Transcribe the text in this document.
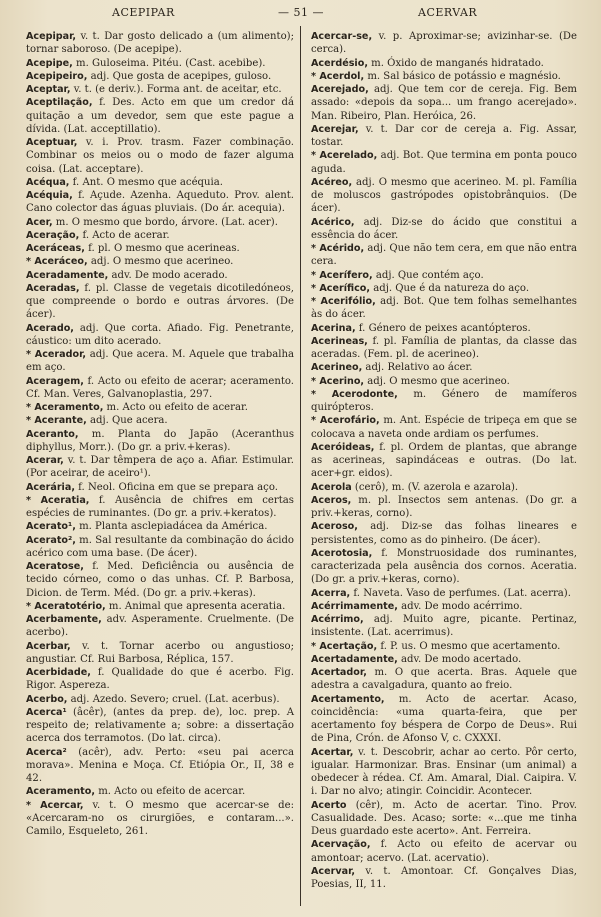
ACEPIPAR	— 51 —	ACERVAR

Acepipar, v. t. Dar gosto delicado a (um alimento); tornar saboroso. (De acepipe).

Acepipe, m. Guloseima. Pitéu. (Cast. acebibe).

Acepipeiro, adj. Que gosta de acepipes, guloso.

Aceptar, v. t. (e deriv.). Forma ant. de aceitar, etc.

Aceptilação, f. Des. Acto em que um credor dá quitação a um devedor, sem que este pague a dívida. (Lat. acceptillatio).

Aceptuar, v. i. Prov. trasm. Fazer combinação. Combinar os meios ou o modo de fazer alguma coisa. (Lat. acceptare).

Acéqua, f. Ant. O mesmo que acéquia.

Acéquia, f. Açude. Azenha. Aqueduto. Prov. alent. Cano colector das águas pluviais. (Do ár. acequia).

Acer, m. O mesmo que bordo, árvore. (Lat. acer).

Aceração, f. Acto de acerar.

Aceráceas, f. pl. O mesmo que acerineas.

* Aceráceo, adj. O mesmo que acerineo.

Aceradamente, adv. De modo acerado.

Aceradas, f. pl. Classe de vegetais dicotiledóneos, que compreende o bordo e outras árvores. (De ácer).

Acerado, adj. Que corta. Afiado. Fig. Penetrante, cáustico: um dito acerado.

* Acerador, adj. Que acera. M. Aquele que trabalha em aço.

Aceragem, f. Acto ou efeito de acerar; aceramento. Cf. Man. Veres, Galvanoplastia, 297.

* Aceramento, m. Acto ou efeito de acerar.

* Acerante, adj. Que acera.

Aceranto, m. Planta do Japão (Aceranthus diphyllus, Morr.). (Do gr. a priv.+keras).

Acerar, v. t. Dar têmpera de aço a. Afiar. Estimular. (Por aceirar, de aceiro¹).

Acerária, f. Neol. Oficina em que se prepara aço.

* Aceratia, f. Ausência de chifres em certas espécies de ruminantes. (Do gr. a priv.+keratos).

Acerato¹, m. Planta asclepiadácea da América.

Acerato², m. Sal resultante da combinação do ácido acérico com uma base. (De ácer).

Aceratose, f. Med. Deficiência ou ausência de tecido córneo, como o das unhas. Cf. P. Barbosa, Dicion. de Term. Méd. (Do gr. a priv.+keras).

* Aceratotério, m. Animal que apresenta aceratia.

Acerbamente, adv. Asperamente. Cruelmente. (De acerbo).

Acerbar, v. t. Tornar acerbo ou angustioso; angustiar. Cf. Rui Barbosa, Réplica, 157.

Acerbidade, f. Qualidade do que é acerbo. Fig. Rigor. Aspereza.

Acerbo, adj. Azedo. Severo; cruel. (Lat. acerbus).

Acerca¹ (âcêr), (antes da prep. de), loc. prep. A respeito de; relativamente a; sobre: a dissertação acerca dos terramotos. (Do lat. circa).

Acerca² (acêr), adv. Perto: «seu pai acerca morava». Menina e Moça. Cf. Etiópia Or., II, 38 e 42.

Aceramento, m. Acto ou efeito de acercar.

* Acercar, v. t. O mesmo que acercar-se de: «Acercaram-no os cirurgiões, e contaram...». Camilo, Esqueleto, 261.

Acercar-se, v. p. Aproximar-se; avizinhar-se. (De cerca).

Acerdésio, m. Óxido de manganés hidratado.

* Acerdol, m. Sal básico de potássio e magnésio.

Acerejado, adj. Que tem cor de cereja. Fig. Bem assado: «depois da sopa... um frango acerejado». Man. Ribeiro, Plan. Heróica, 26.

Acerejar, v. t. Dar cor de cereja a. Fig. Assar, tostar.

* Acerelado, adj. Bot. Que termina em ponta pouco aguda.

Acéreo, adj. O mesmo que acerineo. M. pl. Família de moluscos gastrópodes opistobrânquios. (De ácer).

Acérico, adj. Diz-se do ácido que constitui a essência do ácer.

* Acérido, adj. Que não tem cera, em que não entra cera.

* Acerífero, adj. Que contém aço.

* Acerífico, adj. Que é da natureza do aço.

* Acerifólio, adj. Bot. Que tem folhas semelhantes às do ácer.

Acerina, f. Género de peixes acantópteros.

Acerineas, f. pl. Família de plantas, da classe das aceradas. (Fem. pl. de acerineo).

Acerineo, adj. Relativo ao ácer.

* Acerino, adj. O mesmo que acerineo.

* Acerodonte, m. Género de mamíferos quirópteros.

* Acerofário, m. Ant. Espécie de tripeça em que se colocava a naveta onde ardiam os perfumes.

Aceróideas, f. pl. Ordem de plantas, que abrange as acerineas, sapindáceas e outras. (Do lat. acer+gr. eidos).

Acerola (cerô), m. (V. azerola e azarola).

Aceros, m. pl. Insectos sem antenas. (Do gr. a priv.+keras, corno).

Aceroso, adj. Diz-se das folhas lineares e persistentes, como as do pinheiro. (De ácer).

Acerotosia, f. Monstruosidade dos ruminantes, caracterizada pela ausência dos cornos. Aceratia. (Do gr. a priv.+keras, corno).

Acerra, f. Naveta. Vaso de perfumes. (Lat. acerra).

Acérrimamente, adv. De modo acérrimo.

Acérrimo, adj. Muito agre, picante. Pertinaz, insistente. (Lat. acerrimus).

* Acertação, f. P. us. O mesmo que acertamento.

Acertadamente, adv. De modo acertado.

Acertador, m. O que acerta. Bras. Aquele que adestra a cavalgadura, quanto ao freio.

Acertamento, m. Acto de acertar. Acaso, coincidência: «uma quarta-feira, que per acertamento foy béspera de Corpo de Deus». Rui de Pina, Crón. de Afonso V, c. CXXXI.

Acertar, v. t. Descobrir, achar ao certo. Pôr certo, igualar. Harmonizar. Bras. Ensinar (um animal) a obedecer à rédea. Cf. Am. Amaral, Dial. Caipira. V. i. Dar no alvo; atingir. Coincidir. Acontecer.

Acerto (cêr), m. Acto de acertar. Tino. Prov. Casualidade. Des. Acaso; sorte: «...que me tinha Deus guardado este acerto». Ant. Ferreira.

Acervação, f. Acto ou efeito de acervar ou amontoar; acervo. (Lat. acervatio).

Acervar, v. t. Amontoar. Cf. Gonçalves Dias, Poesias, II, 11.
